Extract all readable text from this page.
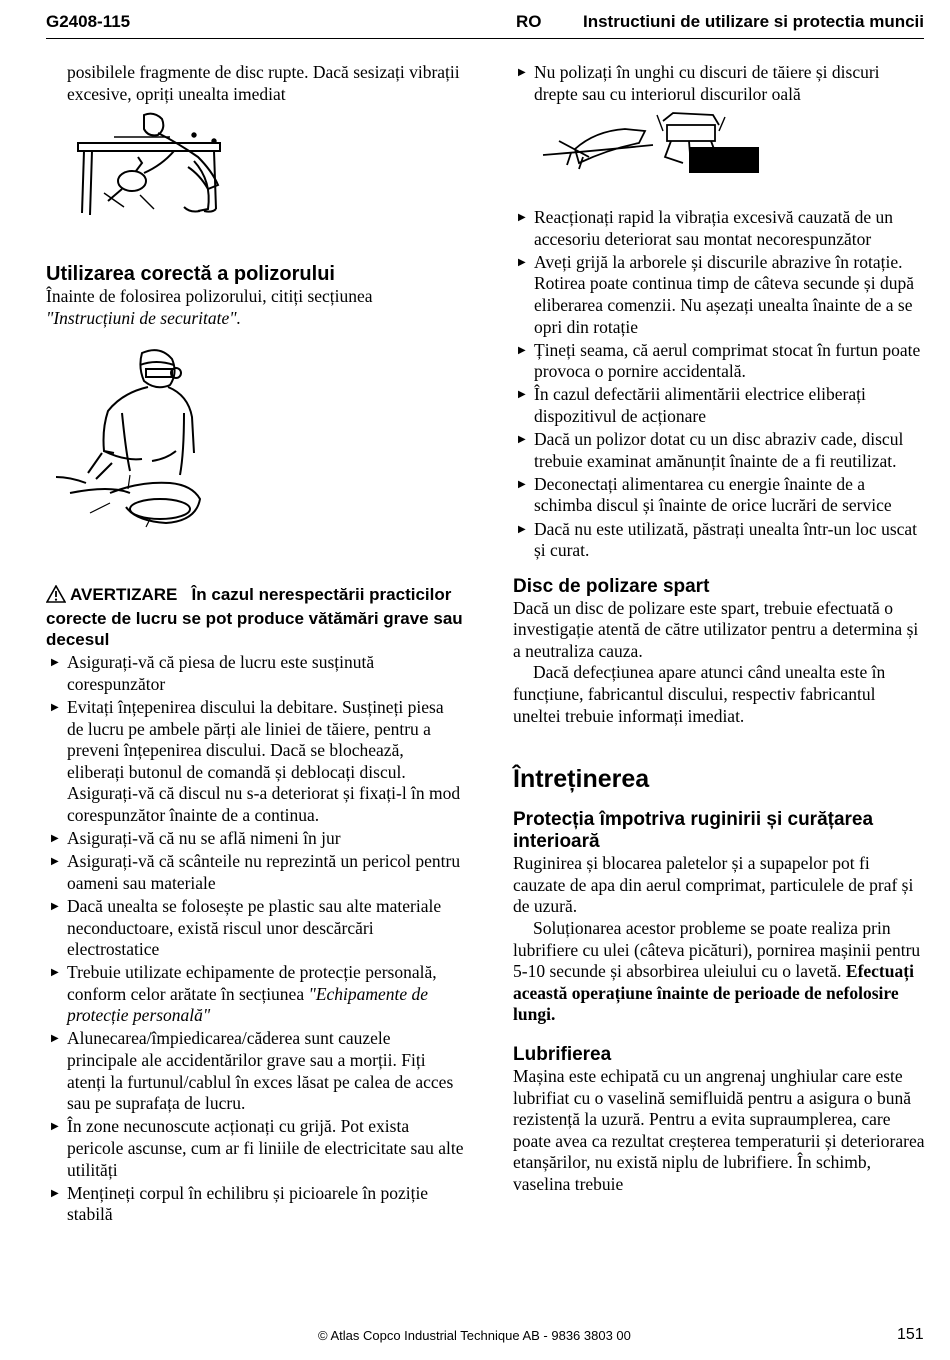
G2408-115	RO Instructiuni de utilizare si protectia muncii

posibilele fragmente de disc rupte. Dacă sesizați vibrații excesive, opriți unealta imediat

Utilizarea corectă a polizorului

Înainte de folosirea polizorului, citiți secțiunea

"Instrucțiuni de securitate".

AVERTIZARE În cazul nerespectării practicilor corecte de lucru se pot produce vătămări grave sau decesul

▶ Asigurați-vă că piesa de lucru este susținută corespunzător
▶ Evitați înțepenirea discului la debitare. Susțineți piesa de lucru pe ambele părți ale liniei de tăiere, pentru a preveni înțepenirea discului. Dacă se blochează, eliberați butonul de comandă și deblocați discul. Asigurați-vă că discul nu s-a deteriorat și fixați-l în mod corespunzător înainte de a continua.
▶ Asigurați-vă că nu se află nimeni în jur
▶ Asigurați-vă că scânteile nu reprezintă un pericol pentru oameni sau materiale
▶ Dacă unealta se folosește pe plastic sau alte materiale neconductoare, există riscul unor descărcări electrostatice
▶ Trebuie utilizate echipamente de protecție personală, conform celor arătate în secțiunea "Echipamente de protecție personală"
▶ Alunecarea/împiedicarea/căderea sunt cauzele principale ale accidentărilor grave sau a morții. Fiți atenți la furtunul/cablul în exces lăsat pe calea de acces sau pe suprafața de lucru.
▶ În zone necunoscute acționați cu grijă. Pot exista pericole ascunse, cum ar fi liniile de electricitate sau alte utilități
▶ Mențineți corpul în echilibru și picioarele în poziție stabilă
▶ Nu polizați în unghi cu discuri de tăiere și discuri drepte sau cu interiorul discurilor oală
▶ Reacționați rapid la vibrația excesivă cauzată de un accesoriu deteriorat sau montat necorespunzător
▶ Aveți grijă la arborele și discurile abrazive în rotație. Rotirea poate continua timp de câteva secunde și după eliberarea comenzii. Nu așezați unealta înainte de a se opri din rotație
▶ Țineți seama, că aerul comprimat stocat în furtun poate provoca o pornire accidentală.
▶ În cazul defectării alimentării electrice eliberați dispozitivul de acționare
▶ Dacă un polizor dotat cu un disc abraziv cade, discul trebuie examinat amănunțit înainte de a fi reutilizat.
▶ Deconectați alimentarea cu energie înainte de a schimba discul și înainte de orice lucrări de service
▶ Dacă nu este utilizată, păstrați unealta într-un loc uscat și curat.
Disc de polizare spart

Dacă un disc de polizare este spart, trebuie efectuată o investigație atentă de către utilizator pentru a determina și a neutraliza cauza.

Dacă defecțiunea apare atunci când unealta este în funcțiune, fabricantul discului, respectiv fabricantul uneltei trebuie informați imediat.

Întreținerea
Protecția împotriva ruginirii și curățarea interioară

Ruginirea și blocarea paletelor și a supapelor pot fi cauzate de apa din aerul comprimat, particulele de praf și de uzură.

Soluționarea acestor probleme se poate realiza prin lubrifiere cu ulei (câteva picături), pornirea mașinii pentru 5-10 secunde și absorbirea uleiului cu o lavetă. Efectuați această operațiune înainte de perioade de nefolosire lungi.

Lubrifierea

Mașina este echipată cu un angrenaj unghiular care este lubrifiat cu o vaselină semifluidă pentru a asigura o bună rezistență la uzură. Pentru a evita supraumplerea, care poate avea ca rezultat creșterea temperaturii și deteriorarea etanșărilor, nu există niplu de lubrifiere. În schimb, vaselina trebuie

© Atlas Copco Industrial Technique AB - 9836 3803 00	151
